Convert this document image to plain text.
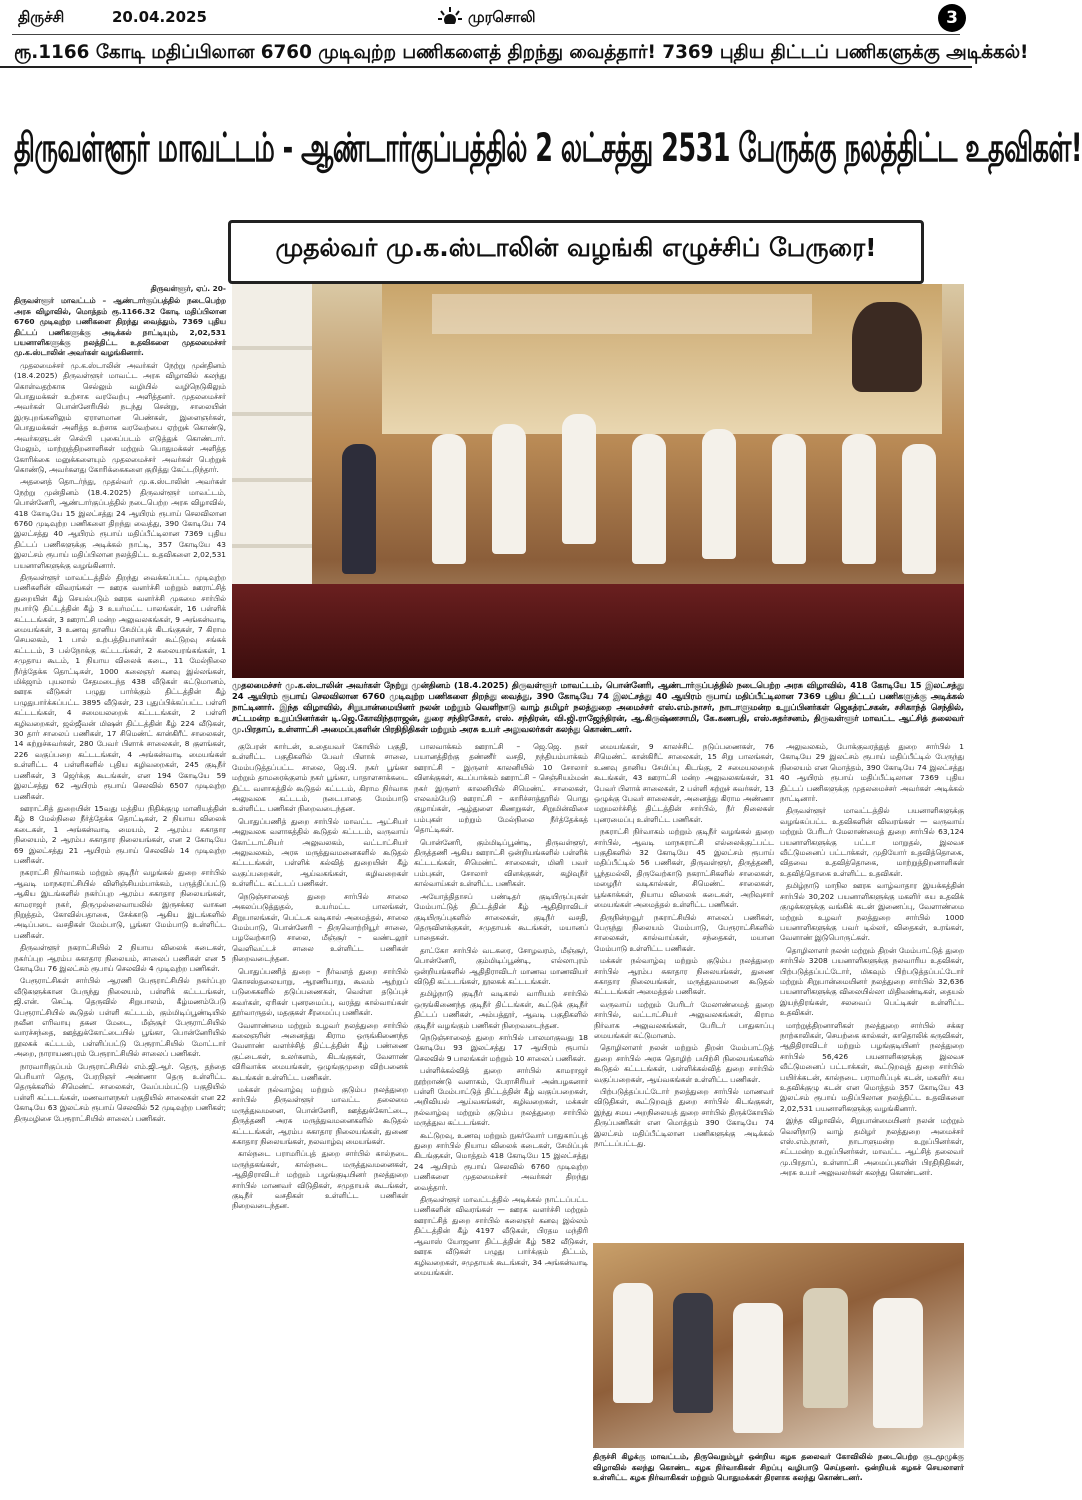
திருச்சி	20.04.2025	முரசொலி	3
ரூ.1166 கோடி மதிப்பிலான 6760 முடிவுற்ற பணிகளைத் திறந்து வைத்தார்! 7369 புதிய திட்டப் பணிகளுக்கு அடிக்கல்!
திருவள்ளூர் மாவட்டம் - ஆண்டார்குப்பத்தில் 2 லட்சத்து 2531 பேருக்கு நலத்திட்ட உதவிகள்!
முதல்வர் மு.க.ஸ்டாலின் வழங்கி எழுச்சிப் பேருரை!

திருவள்ளூர், ஏப். 20-

திருவள்ளூர் மாவட்டம் – ஆண்டார்குப்பத்தில் நடைபெற்ற அரசு விழாவில், மொத்தம் ரூ.1166.32 கோடி மதிப்பிலான 6760 முடிவுற்ற பணிகளை திறந்து வைத்தும், 7369 புதிய திட்டப் பணிகளுக்கு அடிக்கல் நாட்டியும், 2,02,531 பயனாளிகளுக்கு நலத்திட்ட உதவிகளை முதலமைச்சர் மு.க.ஸ்டாலின் அவர்கள் வழங்கினார்.

முதலமைச்சர் மு.க.ஸ்டாலின் அவர்கள் நேற்று முன்தினம் (18.4.2025) திருவள்ளூர் மாவட்ட அரசு விழாவில் கலந்து கொள்வதற்காக செல்லும் வழியில் வழிநெடுகிலும் பொதுமக்கள் உற்சாக வரவேற்பு அளித்தனர். முதலமைச்சர் அவர்கள் பொன்னேரியில் நடந்து சென்று, சாலையின் இருபுறங்களிலும் ஏராளமான பெண்கள், இளைஞர்கள், பொதுமக்கள் அளித்த உற்சாக வரவேற்பை ஏற்றுக் கொண்டு, அவர்களுடன் செல்பி புகைப்படம் எடுத்துக் கொண்டார். மேலும், மாற்றுத்திறனாளிகள் மற்றும் பொதுமக்கள் அளித்த கோரிக்கை மனுக்களையும் முதலமைச்சர் அவர்கள் பெற்றுக் கொண்டு, அவர்களது கோரிக்கைகளை குறித்து கேட்டறிந்தார்.

அதனைத் தொடர்ந்து, முதல்வர் மு.க.ஸ்டாலின் அவர்கள் நேற்று முன்தினம் (18.4.2025) திருவள்ளூர் மாவட்டம், பொன்னேரி, ஆண்டார்குப்பத்தில் நடைபெற்ற அரசு விழாவில், 418 கோடியே 15 இலட்சத்து 24 ஆயிரம் ரூபாய் செலவிலான 6760 முடிவுற்ற பணிகளை திறந்து வைத்து, 390 கோடியே 74 இலட்சத்து 40 ஆயிரம் ரூபாய் மதிப்பீட்டிலான 7369 புதிய திட்டப் பணிகளுக்கு அடிக்கல் நாட்டி, 357 கோடியே 43 இலட்சம் ரூபாய் மதிப்பிலான நலத்திட்ட உதவிகளை 2,02,531 பயனாளிகளுக்கு வழங்கினார்.

திருவள்ளூர் மாவட்டத்தில் திறந்து வைக்கப்பட்ட முடிவுற்ற பணிகளின் விவரங்கள் — ஊரக வளர்ச்சி மற்றும் ஊராட்சித் துறையின் கீழ் செயல்படும் ஊரக வளர்ச்சி முகமை சார்பில் நபார்டு திட்டத்தின் கீழ் 3 உயர்மட்ட பாலங்கள், 16 பள்ளிக் கட்டடங்கள், 3 ஊராட்சி மன்ற அலுவலகங்கள், 9 அங்கன்வாடி மையங்கள், 3 உணவு தானிய சேமிப்புக் கிடங்குகள், 7 கிராம செயலகம், 1 பால் உற்பத்தியாளர்கள் கூட்டுறவு சங்கக் கட்டடம், 3 பல்நோக்கு கட்டடங்கள், 2 கலையரங்கங்கள், 1 சமுதாய கூடம், 1 நியாய விலைக் கடை, 11 மேல்நிலை நீர்த்தேக்க தொட்டிகள், 1000 கலைஞர் கனவு இல்லங்கள், மிக்ஜாம் புயலால் சேதமடைந்த 438 வீடுகள் கட்டுமானம், ஊரக வீடுகள் பழுது பார்க்கும் திட்டத்தின் கீழ் பழுதுபார்க்கப்பட்ட 3895 வீடுகள், 23 புதுப்பிக்கப்பட்ட பள்ளி கட்டடங்கள், 4 சமையலறைக் கட்டடங்கள், 2 பள்ளி கழிவறைகள், ஜல்ஜீவன் மிஷன் திட்டத்தின் கீழ் 224 வீடுகள், 30 தார் சாலைப் பணிகள், 17 சிமெண்ட் கான்கிரீட் சாலைகள், 14 கற்றுச்சுவர்கள், 280 பேவர் பிளாக் சாலைகள், 8 குளங்கள், 226 வகுப்பறை கட்டடங்கள், 4 அங்கன்வாடி மையங்கள் உள்ளிட்ட 4 பள்ளிகளில் புதிய கழிவறைகள், 245 குடிநீர் பணிகள், 3 ஜெர்க்கு கூடங்கள், என 194 கோடியே 59 இலட்சத்து 62 ஆயிரம் ரூபாய் செலவில் 6507 முடிவுற்ற பணிகள்.

ஊராட்சித் துறையின் 15வது மத்திய நிதிக்குழு மானியத்தின் கீழ் 8 மேல்நிலை நீர்த்தேக்க தொட்டிகள், 2 நியாய விலைக் கடைகள், 1 அங்கன்வாடி மையம், 2 ஆரம்ப சுகாதார நிலையம், 2 ஆரம்ப சுகாதார நிலையங்கள், என 2 கோடியே 69 இலட்சத்து 21 ஆயிரம் ரூபாய் செலவில் 14 முடிவுற்ற பணிகள்.

நகராட்சி நிர்வாகம் மற்றும் குடிநீர் வழங்கல் துறை சார்பில் ஆவடி மாநகராட்சியில் விளிஞ்சியம்பாக்கம், பருத்திப்பட்டு ஆகிய இடங்களில் நகர்ப்புற ஆரம்ப சுகாதார நிலையங்கள், காமராஜர் நகர், திருமுல்லைவாயலில் இருசக்கர வாகன நிறுத்தம், கோவில்பதாகை, சேக்காடு ஆகிய இடங்களில் அடிப்படை வசதிகள் மேம்பாடு, பூங்கா மேம்பாடு உள்ளிட்ட பணிகள்.

திருவள்ளூர் நகராட்சியில் 2 நியாய விலைக் கடைகள், நகர்ப்புற ஆரம்ப சுகாதார நிலையம், சாலைப் பணிகள் என 5 கோடியே 76 இலட்சம் ரூபாய் செலவில் 4 முடிவுற்ற பணிகள்.

பேரூராட்சிகள் சார்பில் ஆரணி பேரூராட்சியில் நகர்ப்புற வீடுகளுக்கான பேருந்து நிலையம், பள்ளிக் கட்டடங்கள், ஜி.என். செட்டி தெருவில் சிறுபாலம், கீழ்மணம்பேடு பேரூராட்சியில் கூடுதல் பள்ளி கட்டடம், கும்மிடிப்பூண்டியில் நவீன எரிவாயு தகன மேடை, மீஞ்சூர் பேரூராட்சியில் வாரச்சந்தை, ஊத்துக்கோட்டையில் பூங்கா, பொன்னேரியில் நூலகக் கட்டடம், பள்ளிப்பட்டு பேரூராட்சியில் மோட்டார் அறை, நாராயணபுரம் பேரூராட்சியில் சாலைப் பணிகள்.

நாரவாரிகுப்பம் பேரூராட்சியில் எம்.ஜி.ஆர். தெரு, தந்தை பெரியார் தெரு, பேரறிஞர் அண்ணா தெரு உள்ளிட்ட தெருக்களில் சிமெண்ட் சாலைகள், வேப்பம்பட்டு பகுதியில் பள்ளி கட்டடங்கள், மணவாளநகர் பகுதியில் சாலைகள் என 22 கோடியே 63 இலட்சம் ரூபாய் செலவில் 52 முடிவுற்ற பணிகள்; திருமழிசை பேரூராட்சியில் சாலைப் பணிகள்.

முதலமைச்சர் மு.க.ஸ்டாலின் அவர்கள் நேற்று முன்தினம் (18.4.2025) திருவள்ளூர் மாவட்டம், பொன்னேரி, ஆண்டார்குப்பத்தில் நடைபெற்ற அரசு விழாவில், 418 கோடியே 15 இலட்சத்து 24 ஆயிரம் ரூபாய் செலவிலான 6760 முடிவுற்ற பணிகளை திறந்து வைத்து, 390 கோடியே 74 இலட்சத்து 40 ஆயிரம் ரூபாய் மதிப்பீட்டிலான 7369 புதிய திட்டப் பணிகளுக்கு அடிக்கல் நாட்டினார். இந்த விழாவில், சிறுபான்மையினர் நலன் மற்றும் வெளிநாடு வாழ் தமிழர் நலத்துறை அமைச்சர் எஸ்.எம்.நாசர், நாடாளுமன்ற உறுப்பினர்கள் ஜெகத்ரட்சகன், சசிகாந்த் செந்தில், சட்டமன்ற உறுப்பினர்கள் டி.ஜெ.கோவிந்தராஜன், துரை சந்திரசேகர், எஸ். சந்திரன், வி.ஜி.ராஜேந்திரன், ஆ.கிருஷ்ணசாமி, கே.கணபதி, எஸ்.சுதர்சனம், திருவள்ளூர் மாவட்ட ஆட்சித் தலைவர் மு.பிரதாப், உள்ளாட்சி அமைப்புகளின் பிரதிநிதிகள் மற்றும் அரசு உயர் அலுவலர்கள் கலந்து கொண்டனர்.

குபேரன் கார்டன், உதையவர் கோயில் பகுதி, உள்ளிட்ட பகுதிகளில் பேவர் பிளாக் சாலை, மேம்படுத்தப்பட்ட சாலை, ஜெ.பி. நகர் பூங்கா மற்றும் தாமரைக்குளம் நகர் பூங்கா, பாதாளசாக்கடை திட்ட வளாகத்தில் கூடுதல் கட்டடம், கிராம நிர்வாக அலுவலக கட்டடம், நடைபாதை மேம்பாடு உள்ளிட்ட பணிகள் நிறைவடைந்தன.

பொதுப்பணித் துறை சார்பில் மாவட்ட ஆட்சியர் அலுவலக வளாகத்தில் கூடுதல் கட்டடம், வருவாய் கோட்டாட்சியர் அலுவலகம், வட்டாட்சியர் அலுவலகம், அரசு மருத்துவமனைகளில் கூடுதல் கட்டடங்கள், பள்ளிக் கல்வித் துறையின் கீழ் வகுப்பறைகள், ஆய்வகங்கள், கழிவறைகள் உள்ளிட்ட கட்டடப் பணிகள்.

நெடுஞ்சாலைத் துறை சார்பில் சாலை அகலப்படுத்துதல், உயர்மட்ட பாலங்கள், சிறுபாலங்கள், பெட்டக வடிகால் அமைத்தல், சாலை மேம்பாடு, பொன்னேரி – திருவொற்றியூர் சாலை, பழவேற்காடு சாலை, மீஞ்சூர் – வண்டலூர் வெளிவட்டச் சாலை உள்ளிட்ட பணிகள் நிறைவடைந்தன.

பொதுப்பணித் துறை – நீர்வளத் துறை சார்பில் கொசஸ்தலையாறு, ஆரணியாறு, கூவம் ஆற்றுப் படுகைகளில் தடுப்பணைகள், வெள்ள தடுப்புச் சுவர்கள், ஏரிகள் புனரமைப்பு, வரத்து கால்வாய்கள் தூர்வாருதல், மதகுகள் சீரமைப்பு பணிகள்.

வேளாண்மை மற்றும் உழவர் நலத்துறை சார்பில் கலைஞரின் அனைத்து கிராம ஒருங்கிணைந்த வேளாண் வளர்ச்சித் திட்டத்தின் கீழ் பண்ணை குட்டைகள், உலர்களம், கிடங்குகள், வேளாண் விரிவாக்க மையங்கள், ஒழுங்குமுறை விற்பனைக் கூடங்கள் உள்ளிட்ட பணிகள்.

மக்கள் நல்வாழ்வு மற்றும் குடும்ப நலத்துறை சார்பில் திருவள்ளூர் மாவட்ட தலைமை மருத்துவமனை, பொன்னேரி, ஊத்துக்கோட்டை, திருத்தணி அரசு மருத்துவமனைகளில் கூடுதல் கட்டடங்கள், ஆரம்ப சுகாதார நிலையங்கள், துணை சுகாதார நிலையங்கள், நலவாழ்வு மையங்கள்.

கால்நடை பராமரிப்புத் துறை சார்பில் கால்நடை மருந்தகங்கள், கால்நடை மருத்துவமனைகள், ஆதிதிராவிடர் மற்றும் பழங்குடியினர் நலத்துறை சார்பில் மாணவர் விடுதிகள், சமுதாயக் கூடங்கள், குடிநீர் வசதிகள் உள்ளிட்ட பணிகள் நிறைவடைந்தன.

பாலவாக்கம் ஊராட்சி – ஜெ.ஜெ. நகர் பயானத்திற்கு தண்ணீர் வசதி, நந்தியம்பாக்கம் ஊராட்சி – இருளர் காலனியில் 10 சோலார் விளக்குகள், கடப்பாக்கம் ஊராட்சி – செஞ்சியம்மன் நகர் இருளர் காலனியில் சிமெண்ட் சாலைகள், எலவம்பேடு ஊராட்சி – காரிச்சாத்தூரில் பொது குழாய்கள், ஆழ்துளை கிணறுகள், சிறுமின்விசை பம்புகள் மற்றும் மேல்நிலை நீர்த்தேக்கத் தொட்டிகள்.

பொன்னேரி, கும்மிடிப்பூண்டி, திருவள்ளூர், திருத்தணி ஆகிய ஊராட்சி ஒன்றியங்களில் பள்ளிக் கட்டடங்கள், சிமெண்ட் சாலைகள், மினி பவர் பம்புகள், சோலார் விளக்குகள், கழிவுநீர் கால்வாய்கள் உள்ளிட்ட பணிகள்.

அயோத்திதாசப் பண்டிதர் குடியிருப்புகள் மேம்பாட்டுத் திட்டத்தின் கீழ் ஆதிதிராவிடர் குடியிருப்புகளில் சாலைகள், குடிநீர் வசதி, தெருவிளக்குகள், சமுதாயக் கூடங்கள், மயானப் பாதைகள்.

தாட்கோ சார்பில் வடகரை, சோழவரம், மீஞ்சூர், பொன்னேரி, கும்மிடிப்பூண்டி, எல்லாபுரம் ஒன்றியங்களில் ஆதிதிராவிடர் மாணவ மாணவியர் விடுதி கட்டடங்கள், நூலகக் கட்டடங்கள்.

தமிழ்நாடு குடிநீர் வடிகால் வாரியம் சார்பில் ஒருங்கிணைந்த குடிநீர் திட்டங்கள், கூட்டுக் குடிநீர் திட்டப் பணிகள், அம்பத்தூர், ஆவடி பகுதிகளில் குடிநீர் வழங்கும் பணிகள் நிறைவடைந்தன.

நெடுஞ்சாலைத் துறை சார்பில் பாலமாகுவது 18 கோடியே 93 இலட்சத்து 17 ஆயிரம் ரூபாய் செலவில் 9 பாலங்கள் மற்றும் 10 சாலைப் பணிகள்.

பள்ளிக்கல்வித் துறை சார்பில் காமராஜர் நூற்றாண்டு வளாகம், பேராசிரியர் அன்பழகனார் பள்ளி மேம்பாட்டுத் திட்டத்தின் கீழ் வகுப்பறைகள், அறிவியல் ஆய்வகங்கள், கழிவறைகள், மக்கள் நல்வாழ்வு மற்றும் குடும்ப நலத்துறை சார்பில் மருத்துவ கட்டடங்கள்.

கூட்டுறவு, உணவு மற்றும் நுகர்வோர் பாதுகாப்புத் துறை சார்பில் நியாய விலைக் கடைகள், சேமிப்புக் கிடங்குகள், மொத்தம் 418 கோடியே 15 இலட்சத்து 24 ஆயிரம் ரூபாய் செலவில் 6760 முடிவுற்ற பணிகளை முதலமைச்சர் அவர்கள் திறந்து வைத்தார்.

திருவள்ளூர் மாவட்டத்தில் அடிக்கல் நாட்டப்பட்ட பணிகளின் விவரங்கள் — ஊரக வளர்ச்சி மற்றும் ஊராட்சித் துறை சார்பில் கலைஞர் கனவு இல்லம் திட்டத்தின் கீழ் 4197 வீடுகள், பிரதம மந்திரி ஆவாஸ் யோஜனா திட்டத்தின் கீழ் 582 வீடுகள், ஊரக வீடுகள் பழுது பார்க்கும் திட்டம், கழிவறைகள், சமுதாயக் கூடங்கள், 34 அங்கன்வாடி மையங்கள்.

மையங்கள், 9 காலச்சிட் நடுப்பணைகள், 76 சிமெண்ட் கான்கிரீட் சாலைகள், 15 சிறு பாலங்கள், உணவு தானிய சேமிப்பு கிடங்கு, 2 சமையலறைக் கூடங்கள், 43 ஊராட்சி மன்ற அலுவலகங்கள், 31 பேவர் பிளாக் சாலைகள், 2 பள்ளி சுற்றுச் சுவர்கள், 13 ஒழுக்கு பேவர் சாலைகள், அனைத்து கிராம அண்ணா மறுமலர்ச்சித் திட்டத்தின் சார்பில், நீர் நிலைகள் புனரமைப்பு உள்ளிட்ட பணிகள்.

நகராட்சி நிர்வாகம் மற்றும் குடிநீர் வழங்கல் துறை சார்பில், ஆவடி மாநகராட்சி எல்லைக்குட்பட்ட பகுதிகளில் 32 கோடியே 45 இலட்சம் ரூபாய் மதிப்பீட்டில் 56 பணிகள், திருவள்ளூர், திருத்தணி, பூந்தமல்லி, திருவேற்காடு நகராட்சிகளில் சாலைகள், மழைநீர் வடிகால்கள், சிமெண்ட் சாலைகள், பூங்காக்கள், நியாய விலைக் கடைகள், அறிவுசார் மையங்கள் அமைத்தல் உள்ளிட்ட பணிகள்.

திருநின்றவூர் நகராட்சியில் சாலைப் பணிகள், பேருந்து நிலையம் மேம்பாடு, பேரூராட்சிகளில் சாலைகள், கால்வாய்கள், சந்தைகள், மயான மேம்பாடு உள்ளிட்ட பணிகள்.

மக்கள் நல்வாழ்வு மற்றும் குடும்ப நலத்துறை சார்பில் ஆரம்ப சுகாதார நிலையங்கள், துணை சுகாதார நிலையங்கள், மருத்துவமனை கூடுதல் கட்டடங்கள் அமைத்தல் பணிகள்.

வருவாய் மற்றும் பேரிடர் மேலாண்மைத் துறை சார்பில், வட்டாட்சியர் அலுவலகங்கள், கிராம நிர்வாக அலுவலகங்கள், பேரிடர் பாதுகாப்பு மையங்கள் கட்டுமானம்.

தொழிலாளர் நலன் மற்றும் திறன் மேம்பாட்டுத் துறை சார்பில் அரசு தொழிற் பயிற்சி நிலையங்களில் கூடுதல் கட்டடங்கள், பள்ளிக்கல்வித் துறை சார்பில் வகுப்பறைகள், ஆய்வகங்கள் உள்ளிட்ட பணிகள்.

பிற்படுத்தப்பட்டோர் நலத்துறை சார்பில் மாணவர் விடுதிகள், கூட்டுறவுத் துறை சார்பில் கிடங்குகள், இந்து சமய அறநிலையத் துறை சார்பில் திருக்கோயில் திருப்பணிகள் என மொத்தம் 390 கோடியே 74 இலட்சம் மதிப்பீட்டிலான பணிகளுக்கு அடிக்கல் நாட்டப்பட்டது.

அலுவலகம், போக்குவரத்துத் துறை சார்பில் 1 கோடியே 29 இலட்சம் ரூபாய் மதிப்பீட்டில் பேருந்து நிலையம் என மொத்தம், 390 கோடியே 74 இலட்சத்து 40 ஆயிரம் ரூபாய் மதிப்பீட்டிலான 7369 புதிய திட்டப் பணிகளுக்கு முதலமைச்சர் அவர்கள் அடிக்கல் நாட்டினார்.

திருவள்ளூர் மாவட்டத்தில் பயனாளிகளுக்கு வழங்கப்பட்ட உதவிகளின் விவரங்கள் — வருவாய் மற்றும் பேரிடர் மேலாண்மைத் துறை சார்பில் 63,124 பயனாளிகளுக்கு பட்டா மாறுதல், இலவச வீட்டுமனைப் பட்டாக்கள், முதியோர் உதவித்தொகை, விதவை உதவித்தொகை, மாற்றுத்திறனாளிகள் உதவித்தொகை உள்ளிட்ட உதவிகள்.

தமிழ்நாடு மாநில ஊரக வாழ்வாதார இயக்கத்தின் சார்பில் 30,202 பயனாளிகளுக்கு மகளிர் சுய உதவிக் குழுக்களுக்கு வங்கிக் கடன் இணைப்பு, வேளாண்மை மற்றும் உழவர் நலத்துறை சார்பில் 1000 பயனாளிகளுக்கு பவர் டில்லர், விதைகள், உரங்கள், வேளாண் இடுபொருட்கள்.

தொழிலாளர் நலன் மற்றும் திறன் மேம்பாட்டுத் துறை சார்பில் 3208 பயனாளிகளுக்கு நலவாரிய உதவிகள், பிற்படுத்தப்பட்டோர், மிகவும் பிற்படுத்தப்பட்டோர் மற்றும் சிறுபான்மையினர் நலத்துறை சார்பில் 32,636 பயனாளிகளுக்கு விலையில்லா மிதிவண்டிகள், தையல் இயந்திரங்கள், சலவைப் பெட்டிகள் உள்ளிட்ட உதவிகள்.

மாற்றுத்திறனாளிகள் நலத்துறை சார்பில் சக்கர நாற்காலிகள், செயற்கை கால்கள், காதொலிக் கருவிகள், ஆதிதிராவிடர் மற்றும் பழங்குடியினர் நலத்துறை சார்பில் 56,426 பயனாளிகளுக்கு இலவச வீட்டுமனைப் பட்டாக்கள், கூட்டுறவுத் துறை சார்பில் பயிர்க்கடன், கால்நடை பராமரிப்புக் கடன், மகளிர் சுய உதவிக்குழு கடன் என மொத்தம் 357 கோடியே 43 இலட்சம் ரூபாய் மதிப்பிலான நலத்திட்ட உதவிகளை 2,02,531 பயனாளிகளுக்கு வழங்கினார்.

இந்த விழாவில், சிறுபான்மையினர் நலன் மற்றும் வெளிநாடு வாழ் தமிழர் நலத்துறை அமைச்சர் எஸ்.எம்.நாசர், நாடாளுமன்ற உறுப்பினர்கள், சட்டமன்ற உறுப்பினர்கள், மாவட்ட ஆட்சித் தலைவர் மு.பிரதாப், உள்ளாட்சி அமைப்புகளின் பிரதிநிதிகள், அரசு உயர் அலுவலர்கள் கலந்து கொண்டனர்.

திருச்சி கிழக்கு மாவட்டம், திருவெறும்பூர் ஒன்றிய கழக தலைவர் கோவிலில் நடைபெற்ற குடமுழுக்கு விழாவில் கலந்து கொண்ட கழக நிர்வாகிகள் சிறப்பு வழிபாடு செய்தனர். ஒன்றியக் கழகச் செயலாளர் உள்ளிட்ட கழக நிர்வாகிகள் மற்றும் பொதுமக்கள் திரளாக கலந்து கொண்டனர்.
